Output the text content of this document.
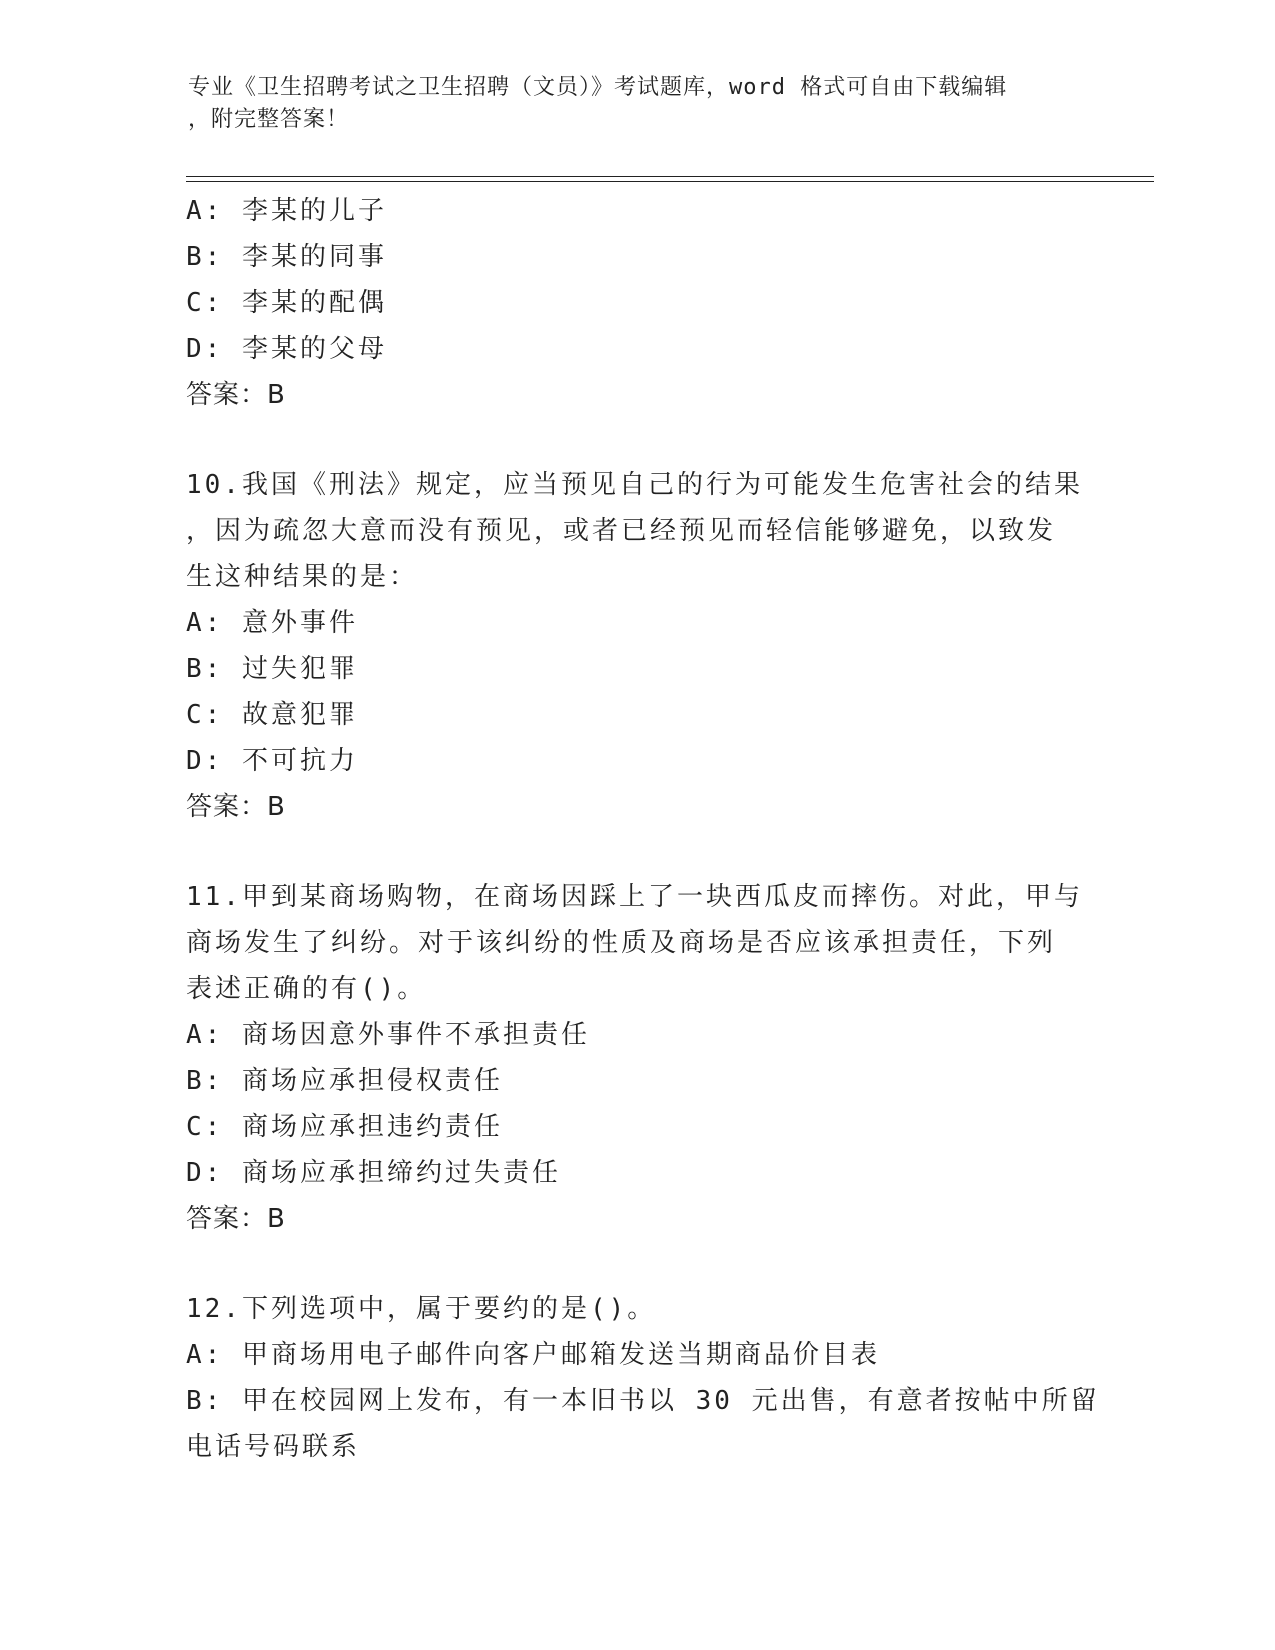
专业《卫生招聘考试之卫生招聘（文员）》考试题库，word 格式可自由下载编辑
，附完整答案！
A: 李某的儿子
B: 李某的同事
C: 李某的配偶
D: 李某的父母
答案：B
10.我国《刑法》规定，应当预见自己的行为可能发生危害社会的结果
，因为疏忽大意而没有预见，或者已经预见而轻信能够避免，以致发
生这种结果的是：
A: 意外事件
B: 过失犯罪
C: 故意犯罪
D: 不可抗力
答案：B
11.甲到某商场购物，在商场因踩上了一块西瓜皮而摔伤。对此，甲与
商场发生了纠纷。对于该纠纷的性质及商场是否应该承担责任，下列
表述正确的有()。
A: 商场因意外事件不承担责任
B: 商场应承担侵权责任
C: 商场应承担违约责任
D: 商场应承担缔约过失责任
答案：B
12.下列选项中，属于要约的是()。
A: 甲商场用电子邮件向客户邮箱发送当期商品价目表
B: 甲在校园网上发布，有一本旧书以 30 元出售，有意者按帖中所留
电话号码联系
